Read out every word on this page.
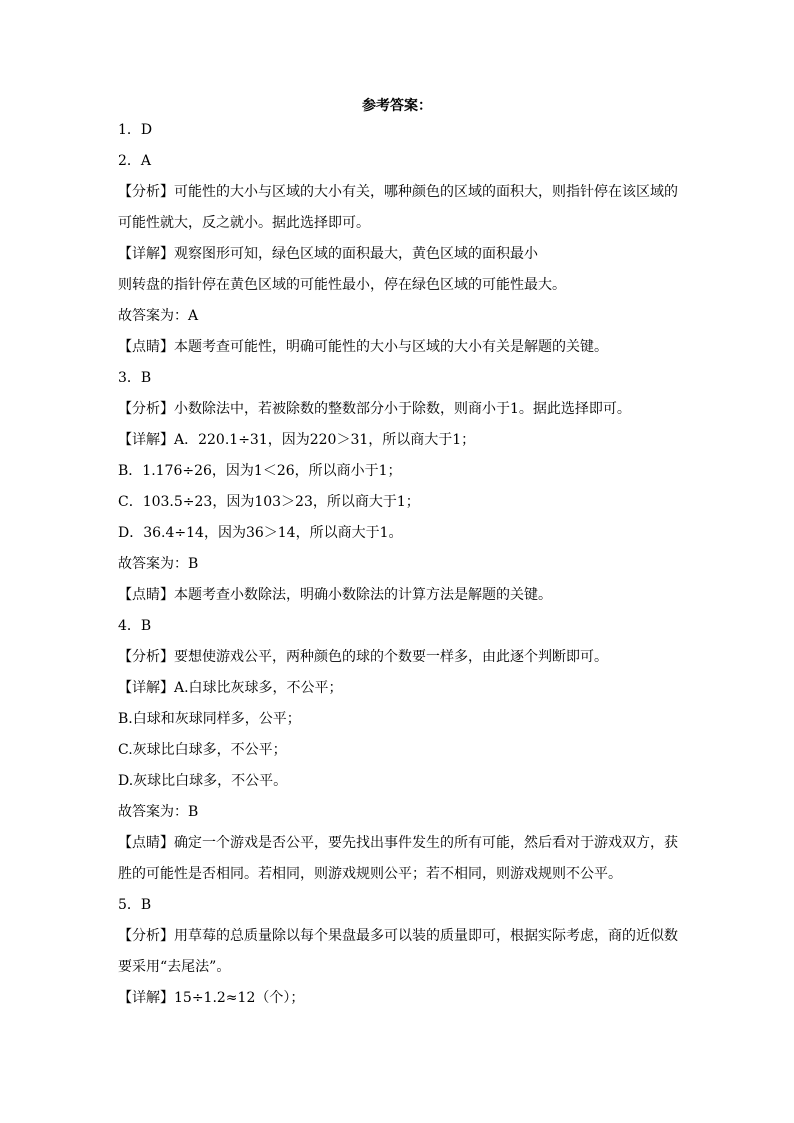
参考答案：
1．D
2．A
【分析】可能性的大小与区域的大小有关，哪种颜色的区域的面积大，则指针停在该区域的
可能性就大，反之就小。据此选择即可。
【详解】观察图形可知，绿色区域的面积最大，黄色区域的面积最小
则转盘的指针停在黄色区域的可能性最小，停在绿色区域的可能性最大。
故答案为：A
【点睛】本题考查可能性，明确可能性的大小与区域的大小有关是解题的关键。
3．B
【分析】小数除法中，若被除数的整数部分小于除数，则商小于1。据此选择即可。
【详解】A．220.1÷31，因为220＞31，所以商大于1；
B．1.176÷26，因为1＜26，所以商小于1；
C．103.5÷23，因为103＞23，所以商大于1；
D．36.4÷14，因为36＞14，所以商大于1。
故答案为：B
【点睛】本题考查小数除法，明确小数除法的计算方法是解题的关键。
4．B
【分析】要想使游戏公平，两种颜色的球的个数要一样多，由此逐个判断即可。
【详解】A.白球比灰球多，不公平；
B.白球和灰球同样多，公平；
C.灰球比白球多，不公平；
D.灰球比白球多，不公平。
故答案为：B
【点睛】确定一个游戏是否公平，要先找出事件发生的所有可能，然后看对于游戏双方，获
胜的可能性是否相同。若相同，则游戏规则公平；若不相同，则游戏规则不公平。
5．B
【分析】用草莓的总质量除以每个果盘最多可以装的质量即可，根据实际考虑，商的近似数
要采用“去尾法”。
【详解】15÷1.2≈12（个）；
